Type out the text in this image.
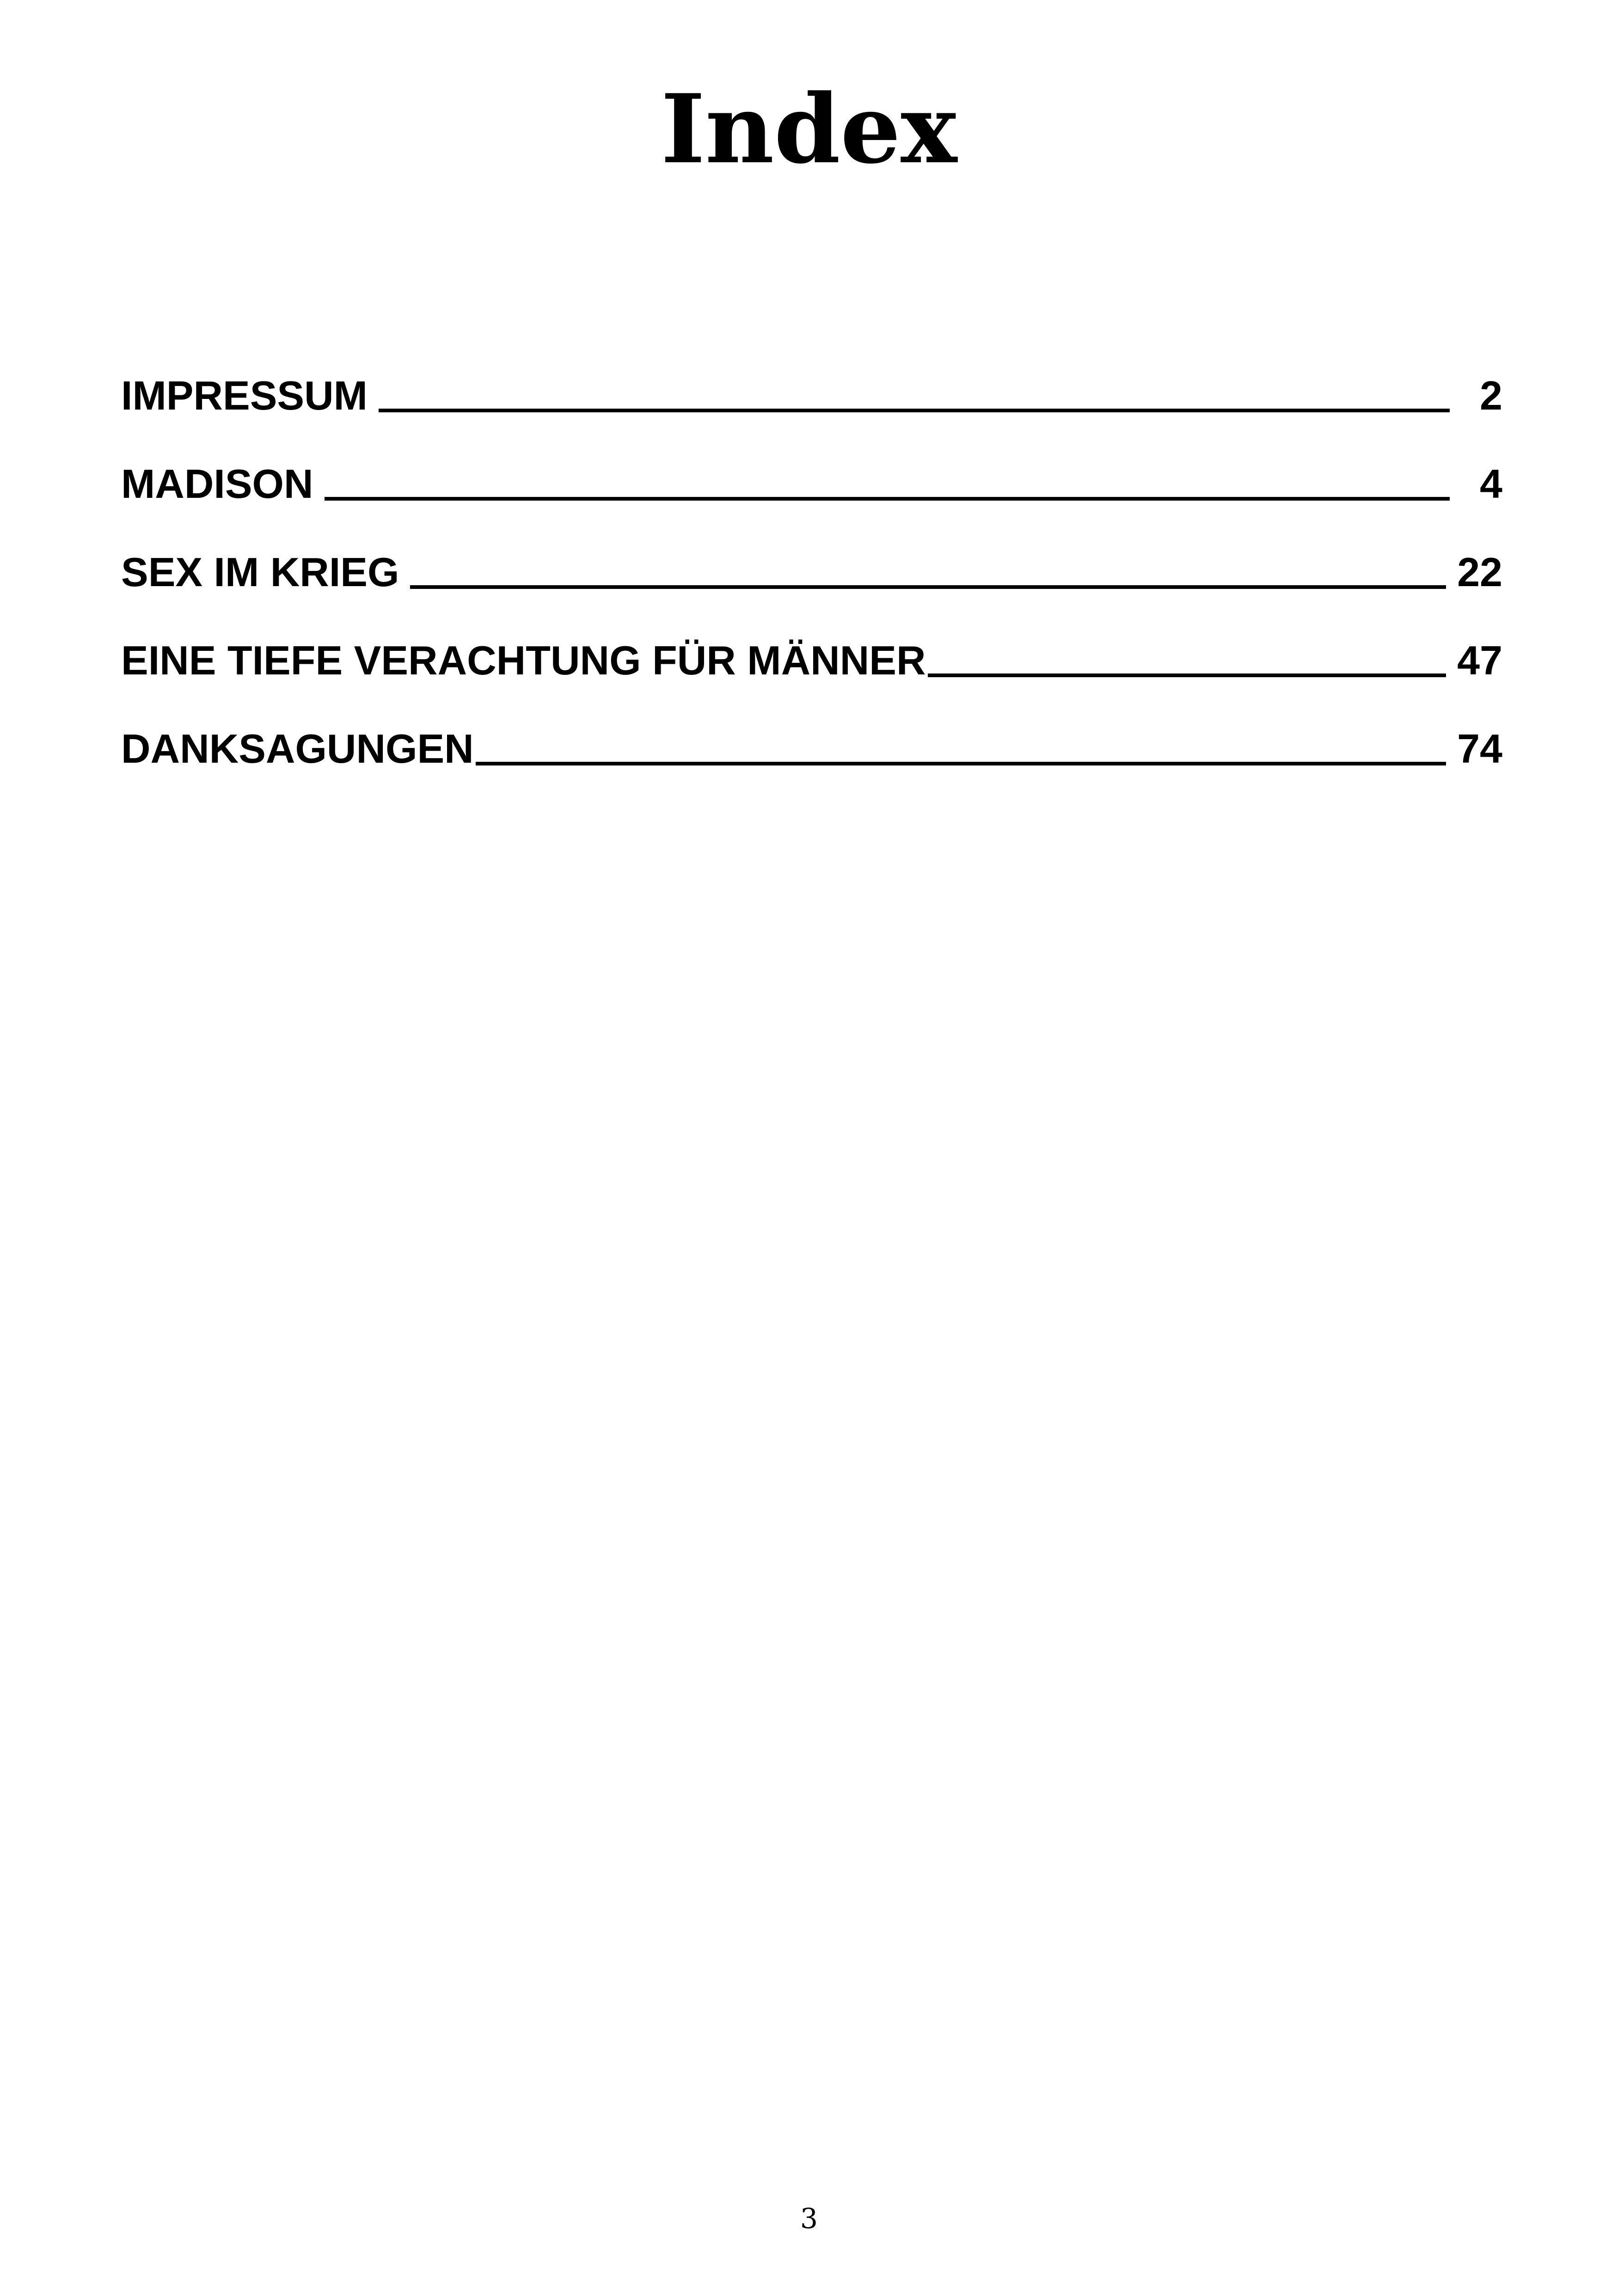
Index
IMPRESSUM	2
MADISON	4
SEX IM KRIEG	22
EINE TIEFE VERACHTUNG FÜR MÄNNER	47
DANKSAGUNGEN	74
3
